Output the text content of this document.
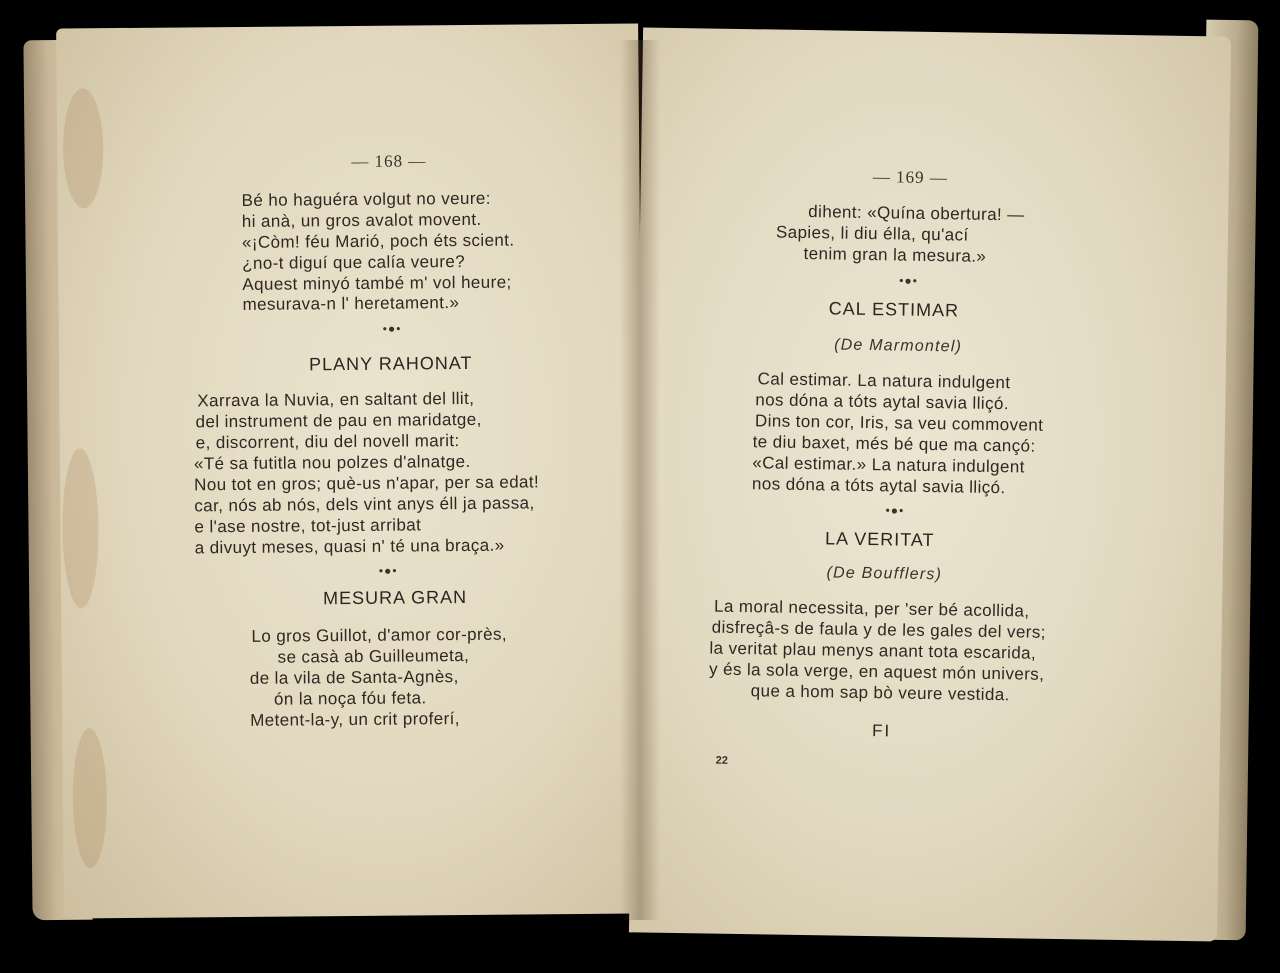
— 168 —
Bé ho haguéra volgut no veure:
hi anà, un gros avalot movent.
«¡Còm! féu Marió, poch éts scient.
¿no-t diguí que calía veure?
Aquest minyó també m' vol heure;
mesurava-n l' heretament.»
•●•
PLANY RAHONAT
Xarrava la Nuvia, en saltant del llit,
del instrument de pau en maridatge,
e, discorrent, diu del novell marit:
«Té sa futitla nou polzes d'alnatge.
Nou tot en gros; què-us n'apar, per sa edat!
car, nós ab nós, dels vint anys éll ja passa,
e l'ase nostre, tot-just arribat
a divuyt meses, quasi n' té una braça.»
•●•
MESURA GRAN
Lo gros Guillot, d'amor cor-près,
se casà ab Guilleumeta,
de la vila de Santa-Agnès,
ón la noça fóu feta.
Metent-la-y, un crit proferí,
— 169 —
dihent: «Quína obertura! —
Sapies, li diu élla, qu'ací
tenim gran la mesura.»
•●•
CAL ESTIMAR
(De Marmontel)
Cal estimar. La natura indulgent
nos dóna a tóts aytal savia lliçó.
Dins ton cor, Iris, sa veu commovent
te diu baxet, més bé que ma cançó:
«Cal estimar.» La natura indulgent
nos dóna a tóts aytal savia lliçó.
•●•
LA VERITAT
(De Boufflers)
La moral necessita, per 'ser bé acollida,
disfreçâ-s de faula y de les gales del vers;
la veritat plau menys anant tota escarida,
y és la sola verge, en aquest món univers,
que a hom sap bò veure vestida.
FI
22
